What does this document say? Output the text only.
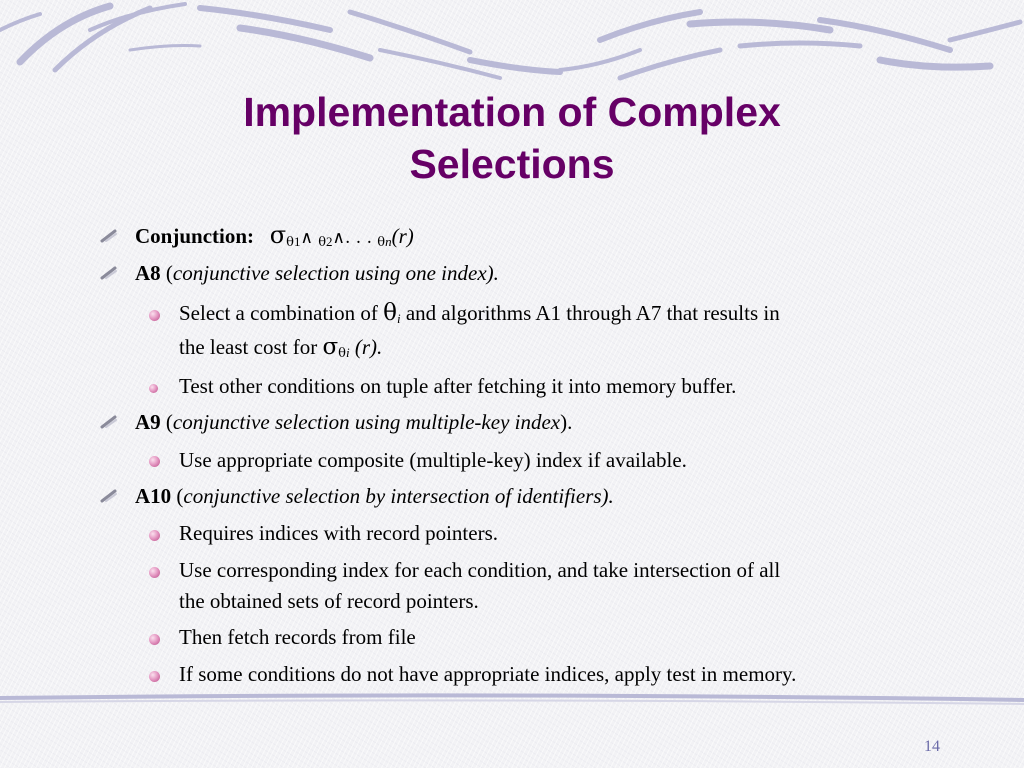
Implementation of Complex
Selections
Conjunction: $\sigma_{\theta 1}\wedge$ $_{\theta 2}$∧. . . $_{\theta n}$(r)
A8 (conjunctive selection using one index).
Select a combination of $\theta_i$ and algorithms A1 through A7 that results in
the least cost for $\sigma_{\theta i}$ (r).
Test other conditions on tuple after fetching it into memory buffer.
A9 (conjunctive selection using multiple-key index).
Use appropriate composite (multiple-key) index if available.
A10 (conjunctive selection by intersection of identifiers).
Requires indices with record pointers.
Use corresponding index for each condition, and take intersection of all
the obtained sets of record pointers.
Then fetch records from file
If some conditions do not have appropriate indices, apply test in memory.
14
